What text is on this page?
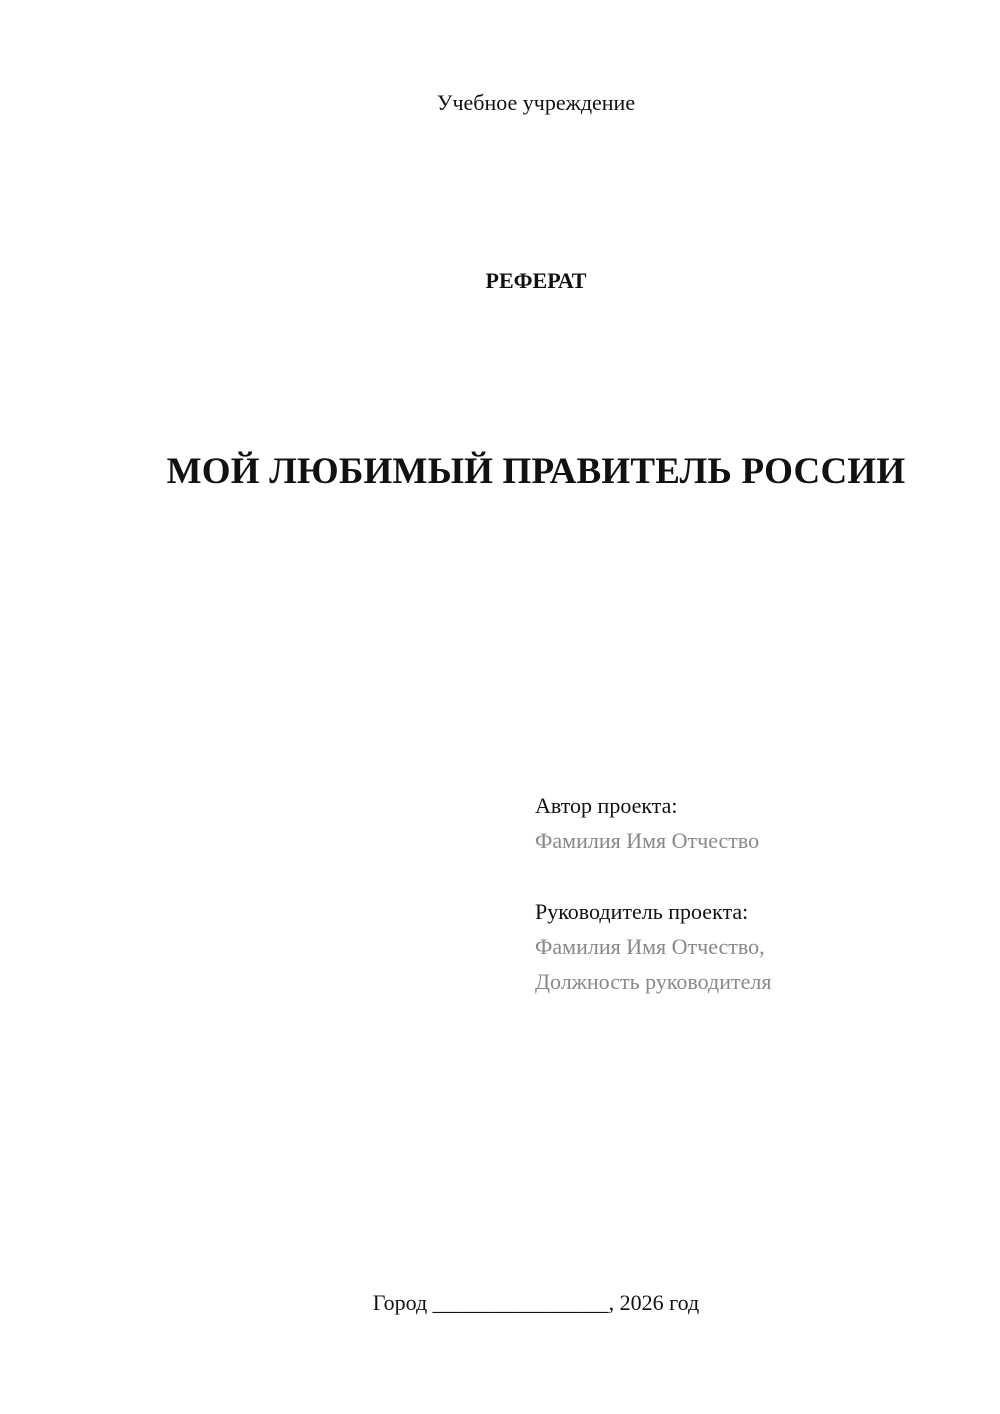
Учебное учреждение
РЕФЕРАТ
МОЙ ЛЮБИМЫЙ ПРАВИТЕЛЬ РОССИИ
Автор проекта:
Фамилия Имя Отчество
Руководитель проекта:
Фамилия Имя Отчество,
Должность руководителя
Город ________________, 2026 год
